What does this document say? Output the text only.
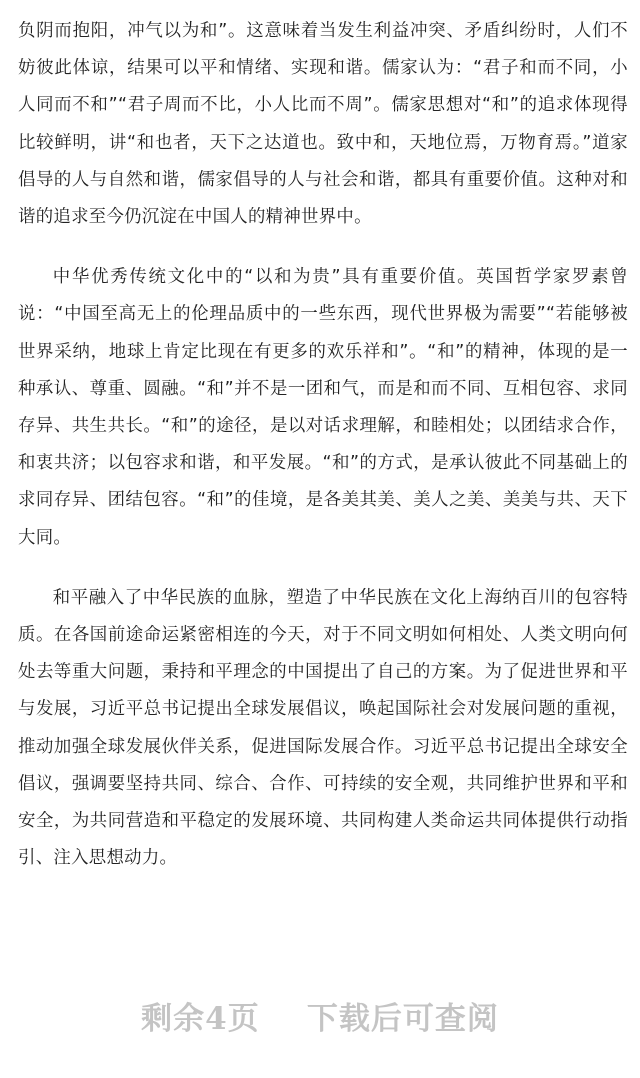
负阴而抱阳，冲气以为和”。这意味着当发生利益冲突、矛盾纠纷时，人们不妨彼此体谅，结果可以平和情绪、实现和谐。儒家认为：“君子和而不同，小人同而不和”“君子周而不比，小人比而不周”。儒家思想对“和”的追求体现得比较鲜明，讲“和也者，天下之达道也。致中和，天地位焉，万物育焉。”道家倡导的人与自然和谐，儒家倡导的人与社会和谐，都具有重要价值。这种对和谐的追求至今仍沉淀在中国人的精神世界中。

中华优秀传统文化中的“以和为贵”具有重要价值。英国哲学家罗素曾说：“中国至高无上的伦理品质中的一些东西，现代世界极为需要”“若能够被世界采纳，地球上肯定比现在有更多的欢乐祥和”。“和”的精神，体现的是一种承认、尊重、圆融。“和”并不是一团和气，而是和而不同、互相包容、求同存异、共生共长。“和”的途径，是以对话求理解，和睦相处；以团结求合作，和衷共济；以包容求和谐，和平发展。“和”的方式，是承认彼此不同基础上的求同存异、团结包容。“和”的佳境，是各美其美、美人之美、美美与共、天下大同。

和平融入了中华民族的血脉，塑造了中华民族在文化上海纳百川的包容特质。在各国前途命运紧密相连的今天，对于不同文明如何相处、人类文明向何处去等重大问题，秉持和平理念的中国提出了自己的方案。为了促进世界和平与发展，习近平总书记提出全球发展倡议，唤起国际社会对发展问题的重视，推动加强全球发展伙伴关系，促进国际发展合作。习近平总书记提出全球安全倡议，强调要坚持共同、综合、合作、可持续的安全观，共同维护世界和平和安全，为共同营造和平稳定的发展环境、共同构建人类命运共同体提供行动指引、注入思想动力。

剩余4页 下载后可查阅
